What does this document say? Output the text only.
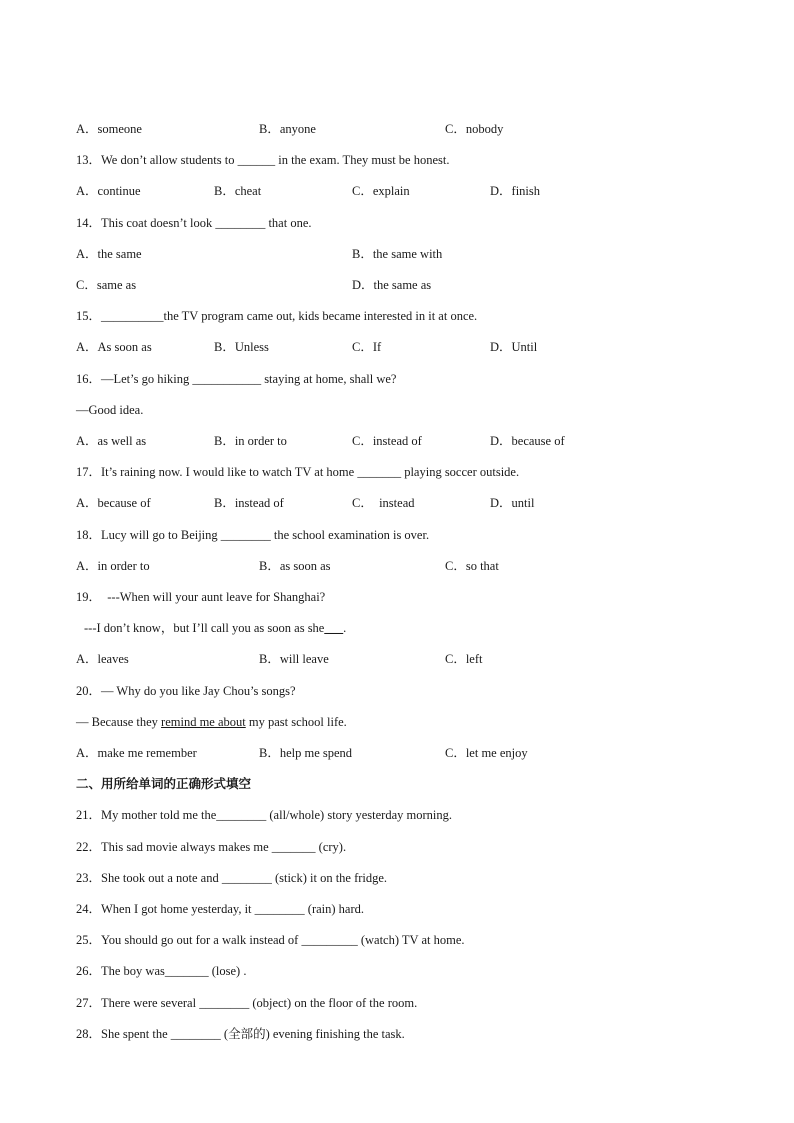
A．someone	B．anyone	C．nobody
13．We don’t allow students to ______ in the exam. They must be honest.
A．continue	B．cheat	C．explain	D．finish
14．This coat doesn’t look ________ that one.
A．the same	B．the same with
C．same as	D．the same as
15．__________the TV program came out, kids became interested in it at once.
A．As soon as	B．Unless	C．If	D．Until
16．—Let’s go hiking ___________ staying at home, shall we?
—Good idea.
A．as well as	B．in order to	C．instead of	D．because of
17．It’s raining now. I would like to watch TV at home _______ playing soccer outside.
A．because of	B．instead of	C．  instead	D．until
18．Lucy will go to Beijing ________ the school examination is over.
A．in order to	B．as soon as	C．so that
19．  ---When will your aunt leave for Shanghai?
---I don’t know，but I’ll call you as soon as she___.
A．leaves	B．will leave	C．left
20．— Why do you like Jay Chou’s songs?
— Because they remind me about my past school life.
A．make me remember	B．help me spend	C．let me enjoy
二、用所给单词的正确形式填空
21．My mother told me the________ (all/whole) story yesterday morning.
22．This sad movie always makes me _______ (cry).
23．She took out a note and ________ (stick) it on the fridge.
24．When I got home yesterday, it ________ (rain) hard.
25．You should go out for a walk instead of _________ (watch) TV at home.
26．The boy was_______ (lose) .
27．There were several ________ (object) on the floor of the room.
28．She spent the ________ (全部的) evening finishing the task.
